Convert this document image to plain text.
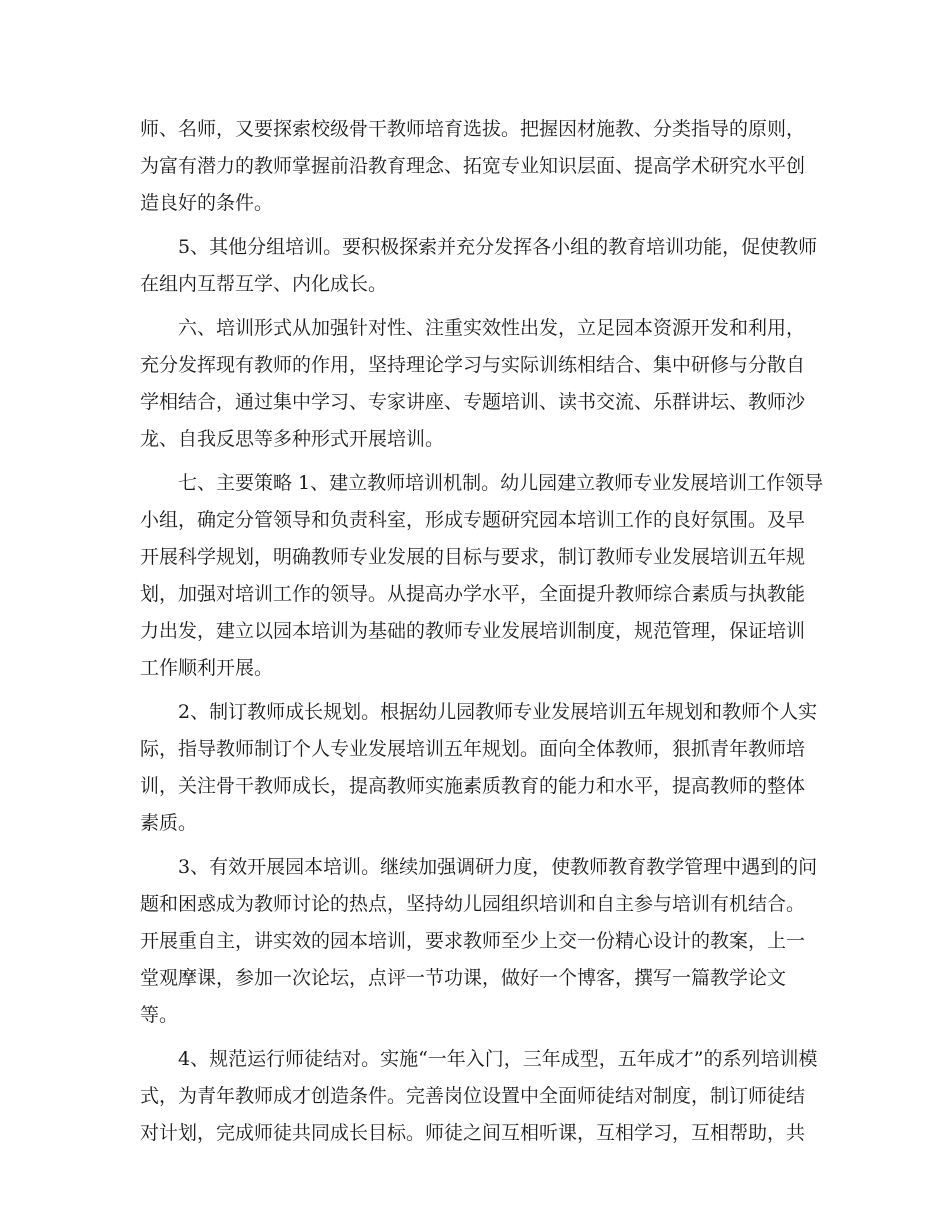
师、名师，又要探索校级骨干教师培育选拔。把握因材施教、分类指导的原则，

为富有潜力的教师掌握前沿教育理念、拓宽专业知识层面、提高学术研究水平创

造良好的条件。

5、其他分组培训。要积极探索并充分发挥各小组的教育培训功能，促使教师

在组内互帮互学、内化成长。

六、培训形式从加强针对性、注重实效性出发，立足园本资源开发和利用，

充分发挥现有教师的作用，坚持理论学习与实际训练相结合、集中研修与分散自

学相结合，通过集中学习、专家讲座、专题培训、读书交流、乐群讲坛、教师沙

龙、自我反思等多种形式开展培训。

七、主要策略 1、建立教师培训机制。幼儿园建立教师专业发展培训工作领导

小组，确定分管领导和负责科室，形成专题研究园本培训工作的良好氛围。及早

开展科学规划，明确教师专业发展的目标与要求，制订教师专业发展培训五年规

划，加强对培训工作的领导。从提高办学水平，全面提升教师综合素质与执教能

力出发，建立以园本培训为基础的教师专业发展培训制度，规范管理，保证培训

工作顺利开展。

2、制订教师成长规划。根据幼儿园教师专业发展培训五年规划和教师个人实

际，指导教师制订个人专业发展培训五年规划。面向全体教师，狠抓青年教师培

训，关注骨干教师成长，提高教师实施素质教育的能力和水平，提高教师的整体

素质。

3、有效开展园本培训。继续加强调研力度，使教师教育教学管理中遇到的问

题和困惑成为教师讨论的热点，坚持幼儿园组织培训和自主参与培训有机结合。

开展重自主，讲实效的园本培训，要求教师至少上交一份精心设计的教案，上一

堂观摩课，参加一次论坛，点评一节功课，做好一个博客，撰写一篇教学论文

等。

4、规范运行师徒结对。实施“一年入门，三年成型，五年成才”的系列培训模

式，为青年教师成才创造条件。完善岗位设置中全面师徒结对制度，制订师徒结

对计划，完成师徒共同成长目标。师徒之间互相听课，互相学习，互相帮助，共
